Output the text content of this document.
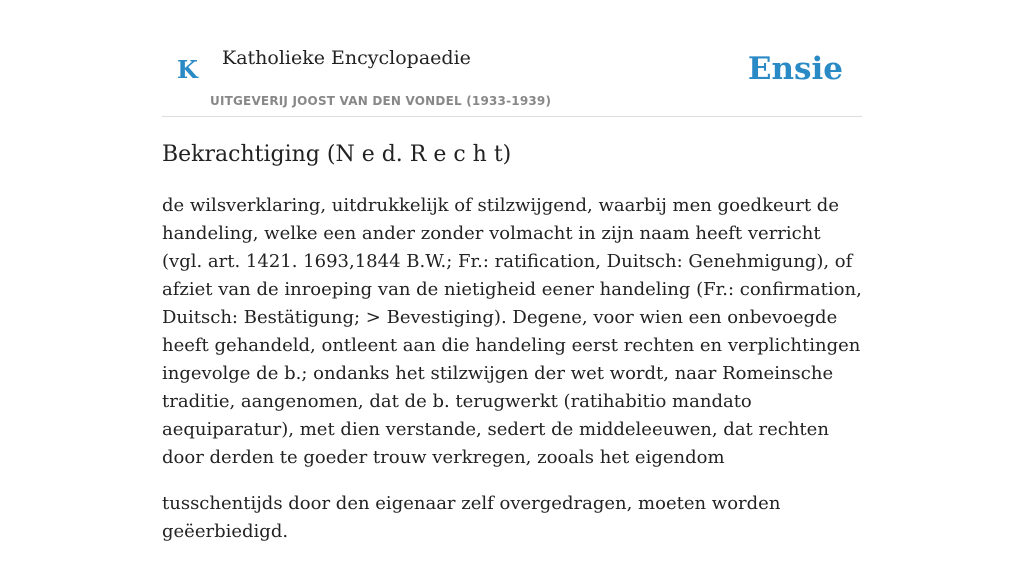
K Katholieke Encyclopaedie
UITGEVERIJ JOOST VAN DEN VONDEL (1933-1939)
Ensie
Bekrachtiging (N e d. R e c h t)

de wilsverklaring, uitdrukkelijk of stilzwijgend, waarbij men goedkeurt de handeling, welke een ander zonder volmacht in zijn naam heeft verricht (vgl. art. 1421. 1693,1844 B.W.; Fr.: ratification, Duitsch: Genehmigung), of afziet van de inroeping van de nietigheid eener handeling (Fr.: confirmation, Duitsch: Bestätigung; > Bevestiging). Degene, voor wien een onbevoegde heeft gehandeld, ontleent aan die handeling eerst rechten en verplichtingen ingevolge de b.; ondanks het stilzwijgen der wet wordt, naar Romeinsche traditie, aangenomen, dat de b. terugwerkt (ratihabitio mandato aequiparatur), met dien verstande, sedert de middeleeuwen, dat rechten door derden te goeder trouw verkregen, zooals het eigendom

tusschentijds door den eigenaar zelf overgedragen, moeten worden geëerbiedigd.
